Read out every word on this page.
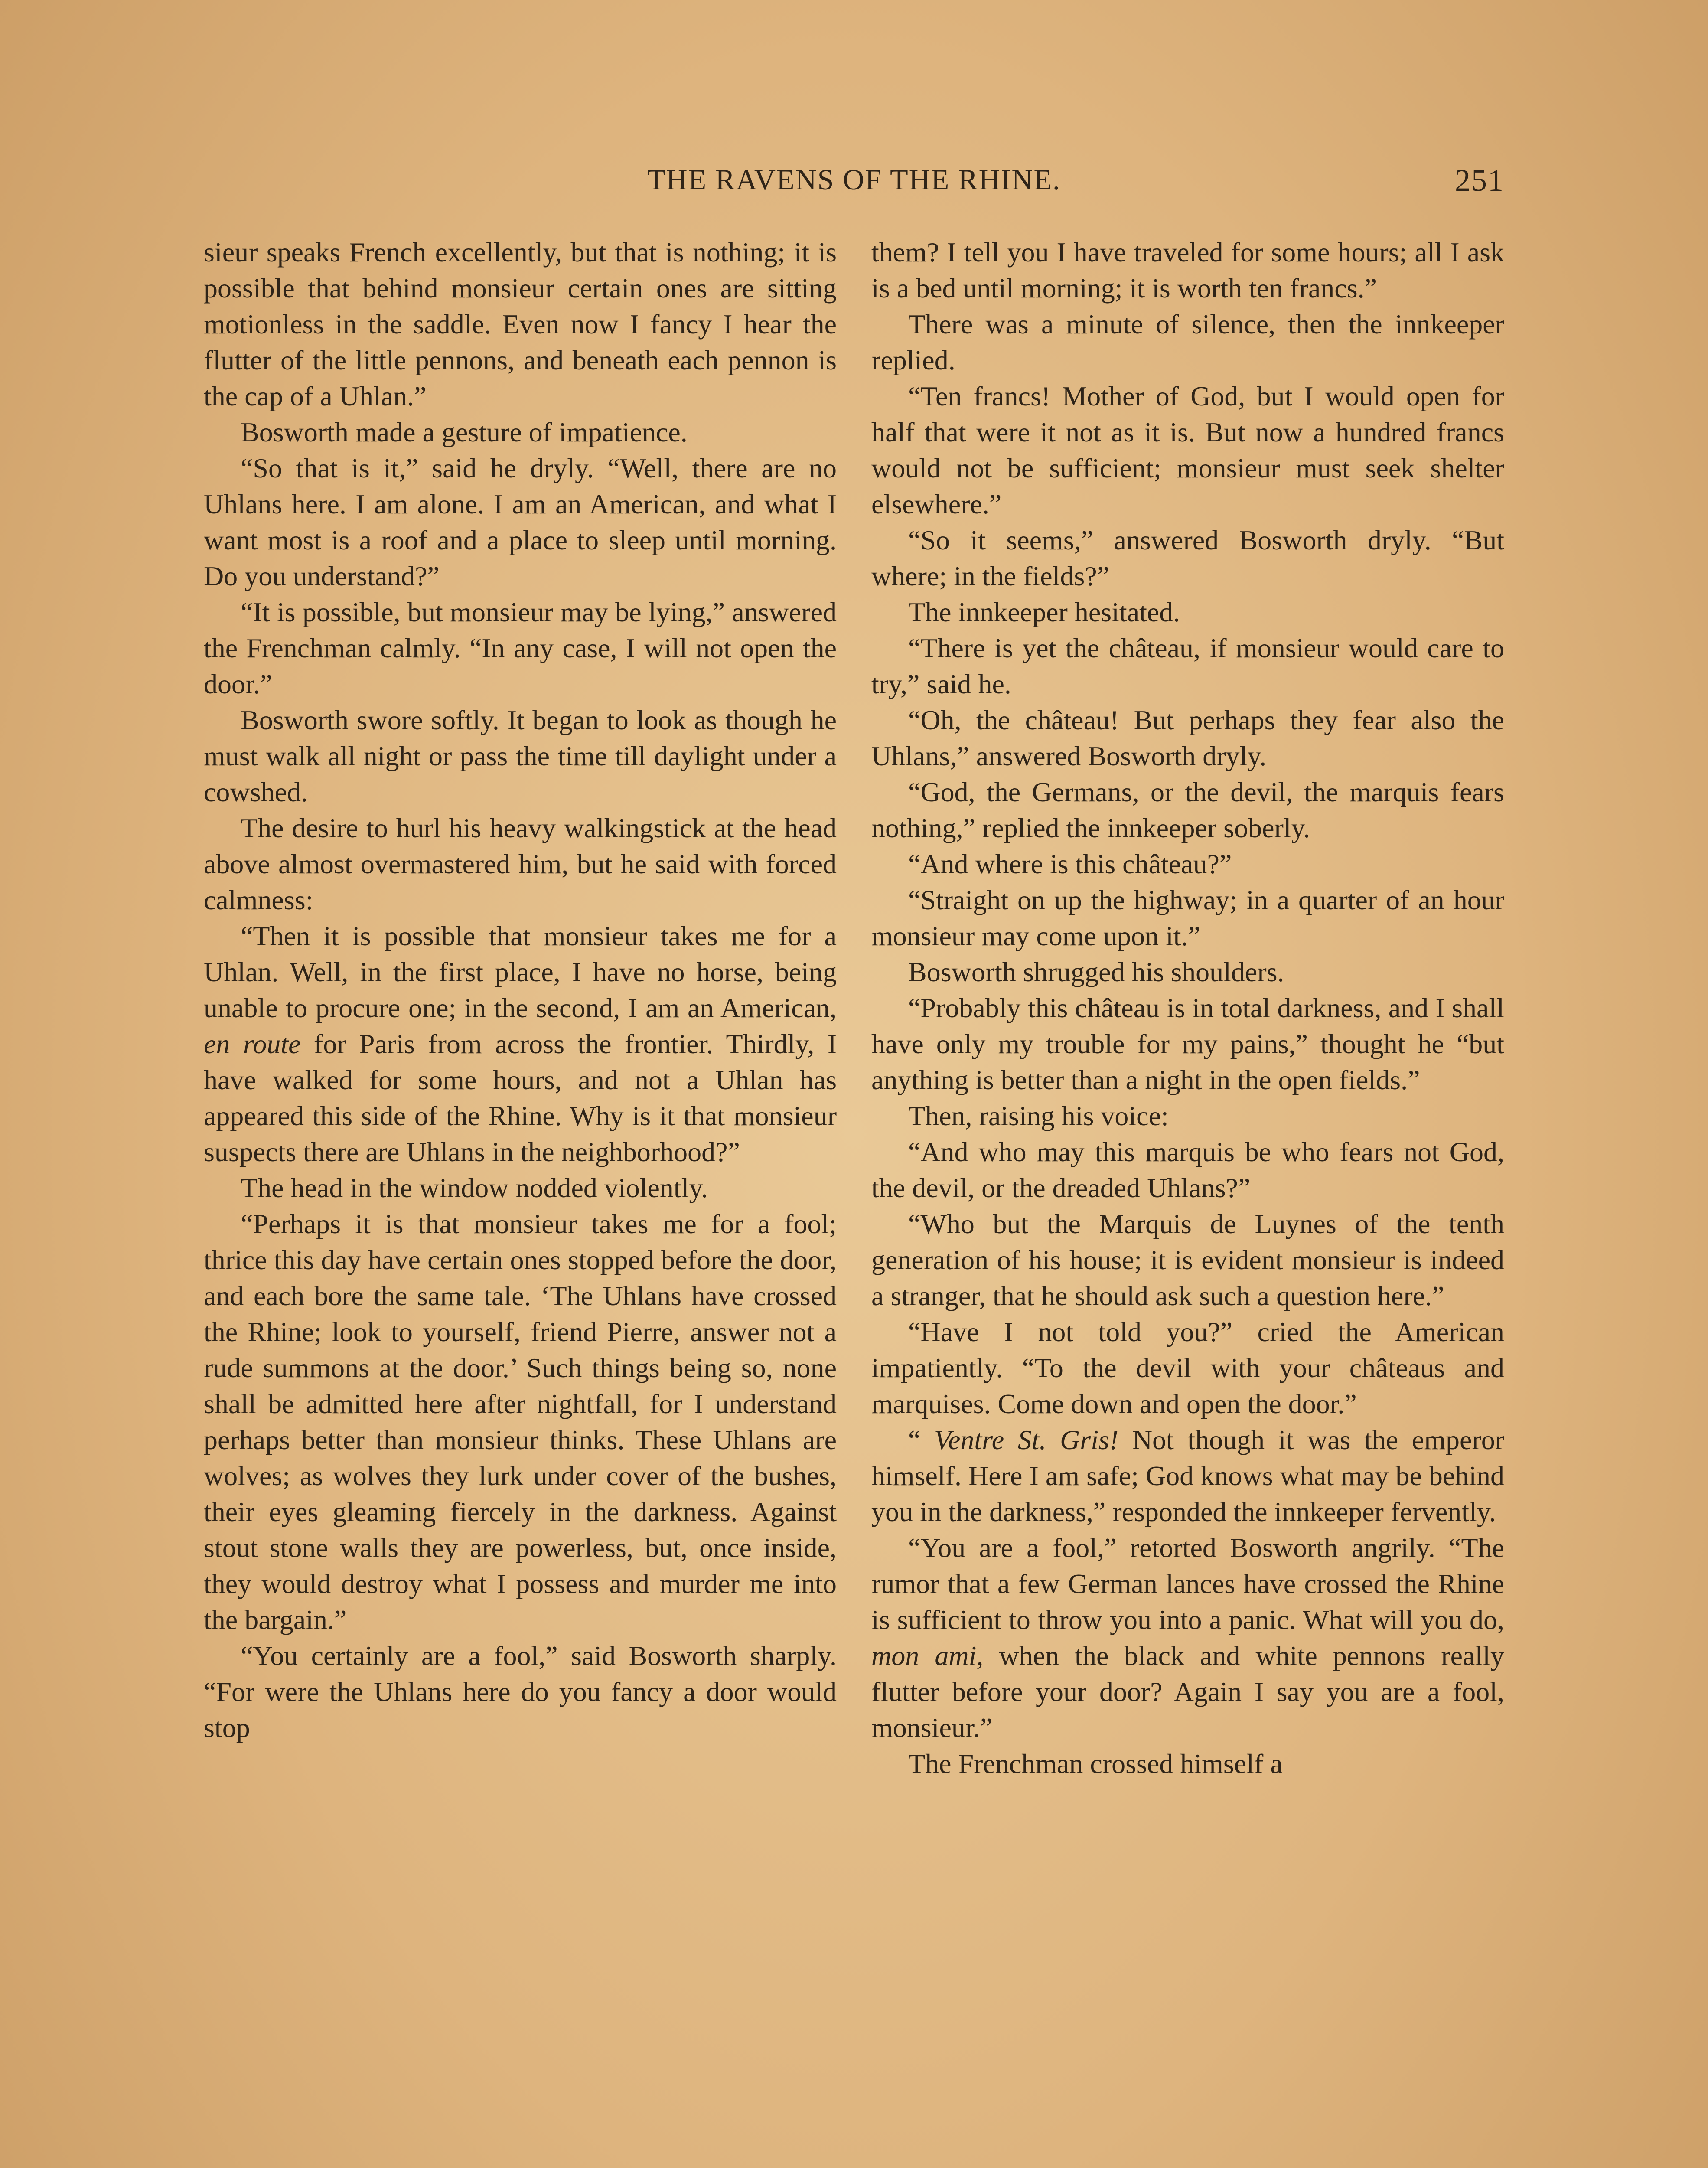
THE RAVENS OF THE RHINE.	251

sieur speaks French excellently, but that is nothing; it is possible that behind monsieur certain ones are sitting motionless in the saddle. Even now I fancy I hear the flutter of the little pennons, and beneath each pennon is the cap of a Uhlan.”

Bosworth made a gesture of impatience.

“So that is it,” said he dryly. “Well, there are no Uhlans here. I am alone. I am an American, and what I want most is a roof and a place to sleep until morning. Do you understand?”

“It is possible, but monsieur may be lying,” answered the Frenchman calmly. “In any case, I will not open the door.”

Bosworth swore softly. It began to look as though he must walk all night or pass the time till daylight under a cowshed.

The desire to hurl his heavy walkingstick at the head above almost overmastered him, but he said with forced calmness:

“Then it is possible that monsieur takes me for a Uhlan. Well, in the first place, I have no horse, being unable to procure one; in the second, I am an American, en route for Paris from across the frontier. Thirdly, I have walked for some hours, and not a Uhlan has appeared this side of the Rhine. Why is it that monsieur suspects there are Uhlans in the neighborhood?”

The head in the window nodded violently.

“Perhaps it is that monsieur takes me for a fool; thrice this day have certain ones stopped before the door, and each bore the same tale. ‘The Uhlans have crossed the Rhine; look to yourself, friend Pierre, answer not a rude summons at the door.’ Such things being so, none shall be admitted here after nightfall, for I understand perhaps better than monsieur thinks. These Uhlans are wolves; as wolves they lurk under cover of the bushes, their eyes gleaming fiercely in the darkness. Against stout stone walls they are powerless, but, once inside, they would destroy what I possess and murder me into the bargain.”

“You certainly are a fool,” said Bosworth sharply. “For were the Uhlans here do you fancy a door would stop

them? I tell you I have traveled for some hours; all I ask is a bed until morning; it is worth ten francs.”

There was a minute of silence, then the innkeeper replied.

“Ten francs! Mother of God, but I would open for half that were it not as it is. But now a hundred francs would not be sufficient; monsieur must seek shelter elsewhere.”

“So it seems,” answered Bosworth dryly. “But where; in the fields?”

The innkeeper hesitated.

“There is yet the château, if monsieur would care to try,” said he.

“Oh, the château! But perhaps they fear also the Uhlans,” answered Bosworth dryly.

“God, the Germans, or the devil, the marquis fears nothing,” replied the innkeeper soberly.

“And where is this château?”

“Straight on up the highway; in a quarter of an hour monsieur may come upon it.”

Bosworth shrugged his shoulders.

“Probably this château is in total darkness, and I shall have only my trouble for my pains,” thought he “but anything is better than a night in the open fields.”

Then, raising his voice:

“And who may this marquis be who fears not God, the devil, or the dreaded Uhlans?”

“Who but the Marquis de Luynes of the tenth generation of his house; it is evident monsieur is indeed a stranger, that he should ask such a question here.”

“Have I not told you?” cried the American impatiently. “To the devil with your châteaus and marquises. Come down and open the door.”

“ Ventre St. Gris! Not though it was the emperor himself. Here I am safe; God knows what may be behind you in the darkness,” responded the innkeeper fervently.

“You are a fool,” retorted Bosworth angrily. “The rumor that a few German lances have crossed the Rhine is sufficient to throw you into a panic. What will you do, mon ami, when the black and white pennons really flutter before your door? Again I say you are a fool, monsieur.”

The Frenchman crossed himself a
